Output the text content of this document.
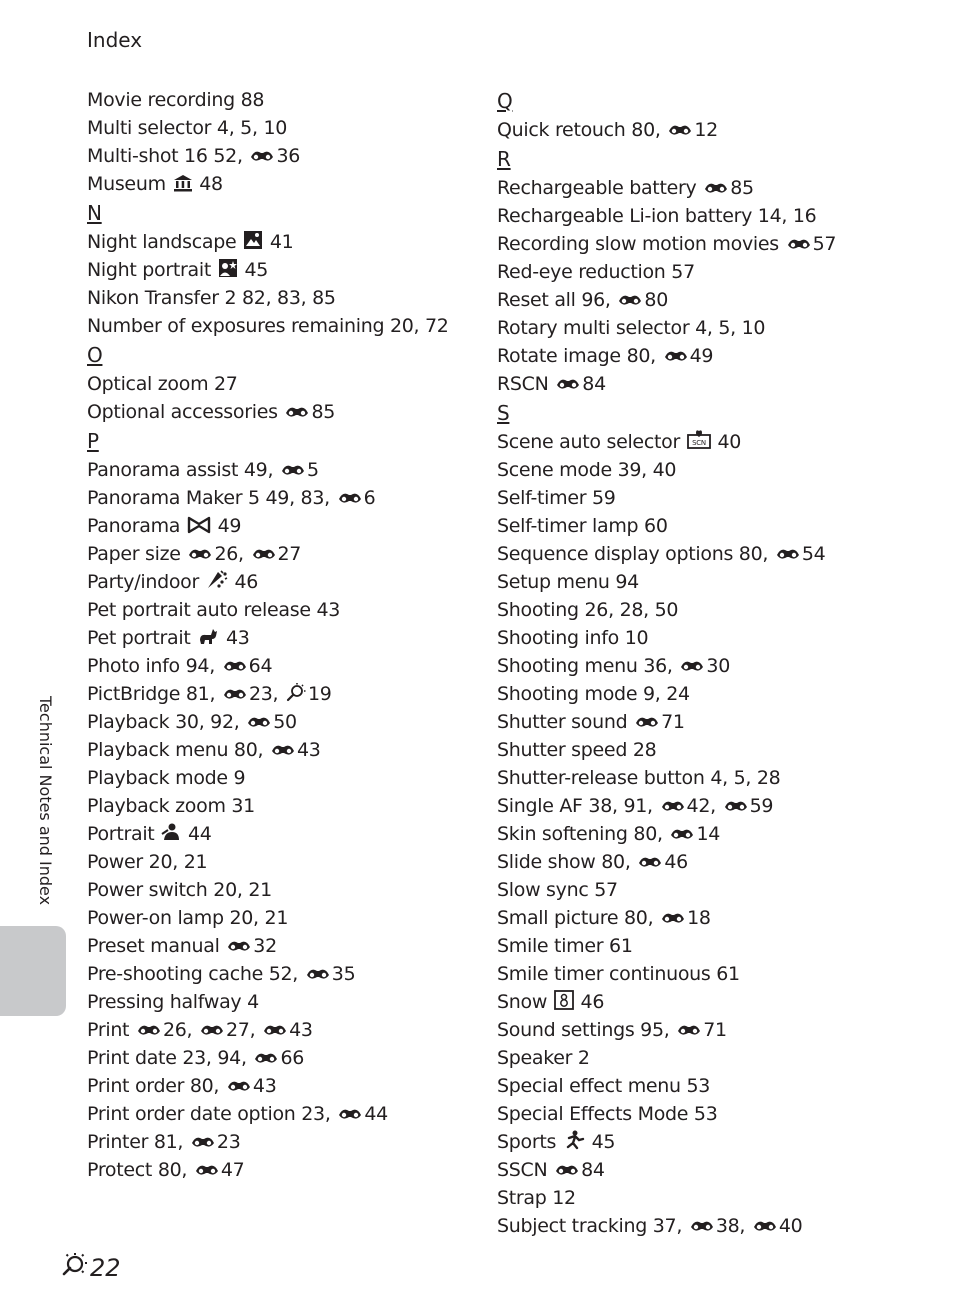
Index
Movie recording 88
Multi selector 4, 5, 10
Multi-shot 16 52, 36
Museum  48
N
Night landscape  41
Night portrait  45
Nikon Transfer 2 82, 83, 85
Number of exposures remaining 20, 72
O
Optical zoom 27
Optional accessories 85
P
Panorama assist 49, 5
Panorama Maker 5 49, 83, 6
Panorama  49
Paper size 26, 27
Party/indoor  46
Pet portrait auto release 43
Pet portrait  43
Photo info 94, 64
PictBridge 81, 23, 19
Playback 30, 92, 50
Playback menu 80, 43
Playback mode 9
Playback zoom 31
Portrait  44
Power 20, 21
Power switch 20, 21
Power-on lamp 20, 21
Preset manual 32
Pre-shooting cache 52, 35
Pressing halfway 4
Print 26, 27, 43
Print date 23, 94, 66
Print order 80, 43
Print order date option 23, 44
Printer 81, 23
Protect 80, 47
Q
Quick retouch 80, 12
R
Rechargeable battery 85
Rechargeable Li-ion battery 14, 16
Recording slow motion movies 57
Red-eye reduction 57
Reset all 96, 80
Rotary multi selector 4, 5, 10
Rotate image 80, 49
RSCN 84
S
Scene auto selector SCN 40
Scene mode 39, 40
Self-timer 59
Self-timer lamp 60
Sequence display options 80, 54
Setup menu 94
Shooting 26, 28, 50
Shooting info 10
Shooting menu 36, 30
Shooting mode 9, 24
Shutter sound 71
Shutter speed 28
Shutter-release button 4, 5, 28
Single AF 38, 91, 42, 59
Skin softening 80, 14
Slide show 80, 46
Slow sync 57
Small picture 80, 18
Smile timer 61
Smile timer continuous 61
Snow  46
Sound settings 95, 71
Speaker 2
Special effect menu 53
Special Effects Mode 53
Sports  45
SSCN 84
Strap 12
Subject tracking 37, 38, 40
Technical Notes and Index
22
